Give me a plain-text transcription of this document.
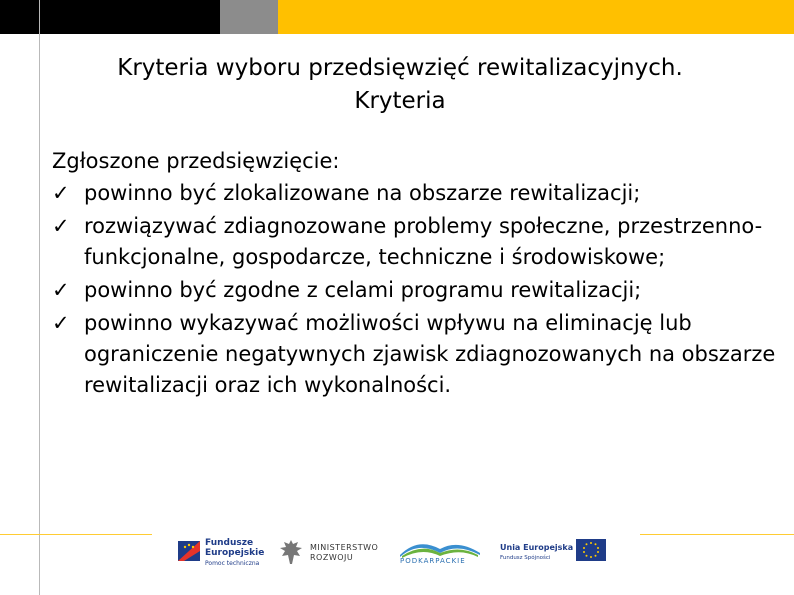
Kryteria wyboru przedsięwzięć rewitalizacyjnych.
Kryteria
Zgłoszone przedsięwzięcie:
✓ powinno być zlokalizowane na obszarze rewitalizacji;
✓ rozwiązywać zdiagnozowane problemy społeczne, przestrzenno-funkcjonalne, gospodarcze, techniczne i środowiskowe;
✓ powinno być zgodne z celami programu rewitalizacji;
✓ powinno wykazywać możliwości wpływu na eliminację lub ograniczenie negatywnych zjawisk zdiagnozowanych na obszarze rewitalizacji oraz ich wykonalności.
Fundusze
Europejskie
Pomoc techniczna
MINISTERSTWO
ROZWOJU	PODKARPACKIE
Unia Europejska
Fundusz Spójności
